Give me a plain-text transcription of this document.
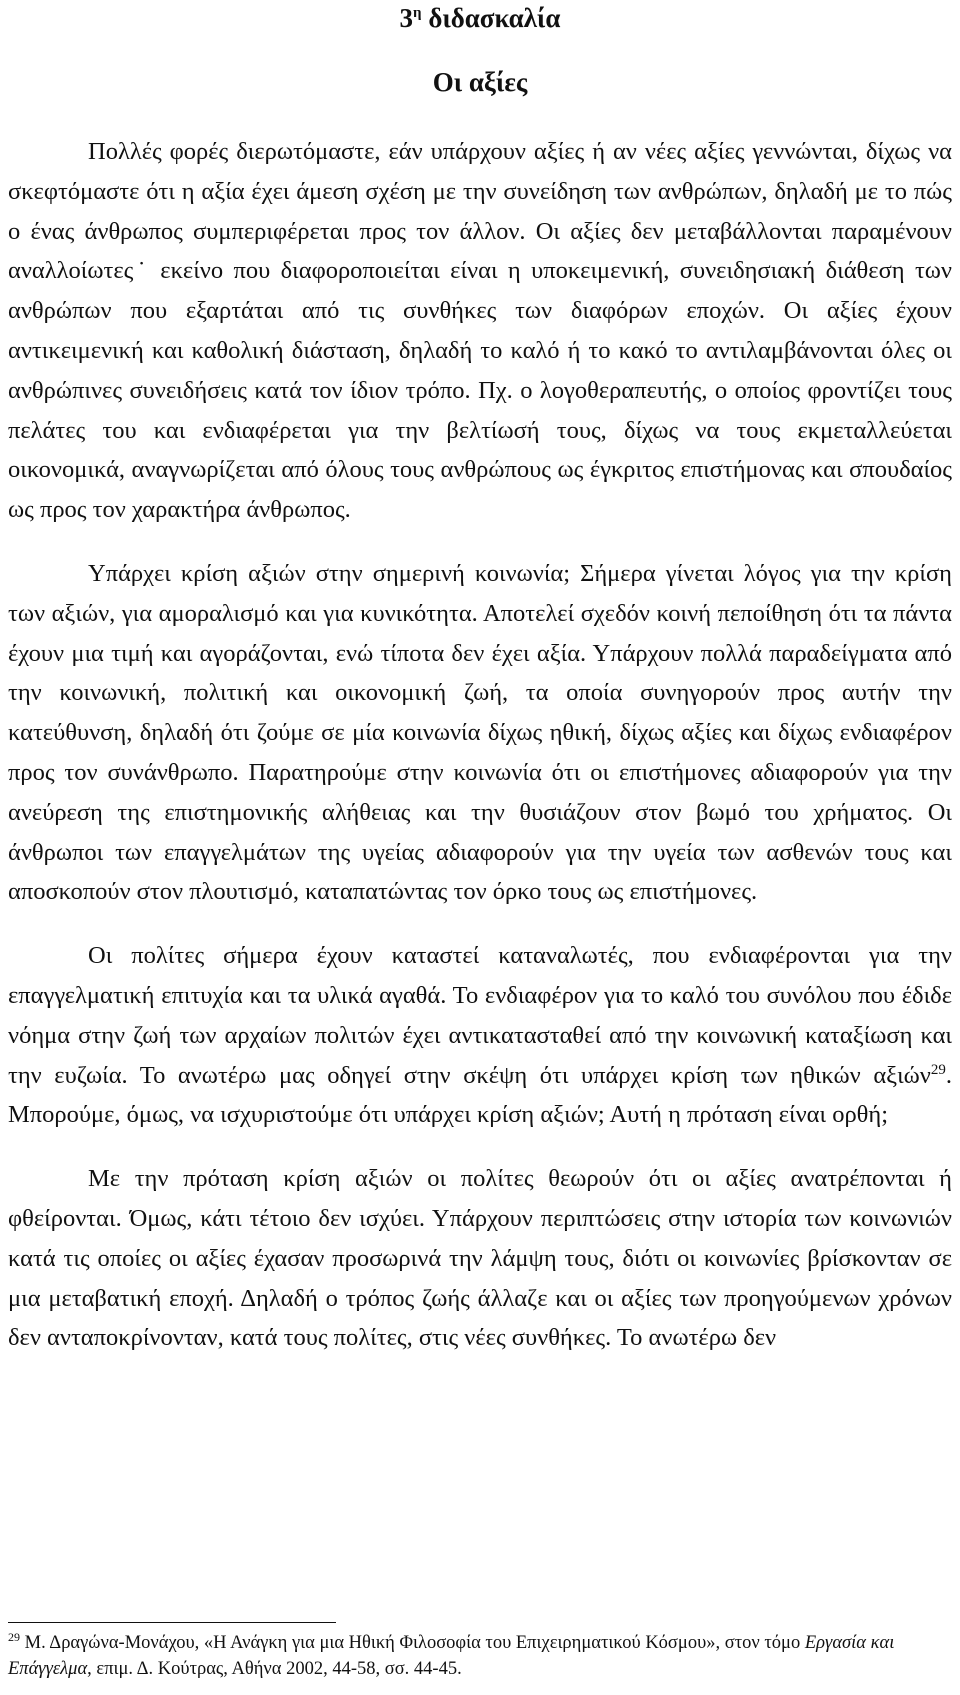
$3^\eta$ διδασκαλία
Οι αξίες

Πολλές φορές διερωτόμαστε, εάν υπάρχουν αξίες ή αν νέες αξίες γεννώνται, δίχως να σκεφτόμαστε ότι η αξία έχει άμεση σχέση με την συνείδηση των ανθρώπων, δηλαδή με το πώς ο ένας άνθρωπος συμπεριφέρεται προς τον άλλον. Οι αξίες δεν μεταβάλλονται παραμένουν αναλλοίωτες˙ εκείνο που διαφοροποιείται είναι η υποκειμενική, συνειδησιακή διάθεση των ανθρώπων που εξαρτάται από τις συνθήκες των διαφόρων εποχών. Οι αξίες έχουν αντικειμενική και καθολική διάσταση, δηλαδή το καλό ή το κακό το αντιλαμβάνονται όλες οι ανθρώπινες συνειδήσεις κατά τον ίδιον τρόπο. Πχ. ο λογοθεραπευτής, ο οποίος φροντίζει τους πελάτες του και ενδιαφέρεται για την βελτίωσή τους, δίχως να τους εκμεταλλεύεται οικονομικά, αναγνωρίζεται από όλους τους ανθρώπους ως έγκριτος επιστήμονας και σπουδαίος ως προς τον χαρακτήρα άνθρωπος.

Υπάρχει κρίση αξιών στην σημερινή κοινωνία; Σήμερα γίνεται λόγος για την κρίση των αξιών, για αμοραλισμό και για κυνικότητα. Αποτελεί σχεδόν κοινή πεποίθηση ότι τα πάντα έχουν μια τιμή και αγοράζονται, ενώ τίποτα δεν έχει αξία. Υπάρχουν πολλά παραδείγματα από την κοινωνική, πολιτική και οικονομική ζωή, τα οποία συνηγορούν προς αυτήν την κατεύθυνση, δηλαδή ότι ζούμε σε μία κοινωνία δίχως ηθική, δίχως αξίες και δίχως ενδιαφέρον προς τον συνάνθρωπο. Παρατηρούμε στην κοινωνία ότι οι επιστήμονες αδιαφορούν για την ανεύρεση της επιστημονικής αλήθειας και την θυσιάζουν στον βωμό του χρήματος. Οι άνθρωποι των επαγγελμάτων της υγείας αδιαφορούν για την υγεία των ασθενών τους και αποσκοπούν στον πλουτισμό, καταπατώντας τον όρκο τους ως επιστήμονες.

Οι πολίτες σήμερα έχουν καταστεί καταναλωτές, που ενδιαφέρονται για την επαγγελματική επιτυχία και τα υλικά αγαθά. Το ενδιαφέρον για το καλό του συνόλου που έδιδε νόημα στην ζωή των αρχαίων πολιτών έχει αντικατασταθεί από την κοινωνική καταξίωση και την ευζωία. Το ανωτέρω μας οδηγεί στην σκέψη ότι υπάρχει κρίση των ηθικών αξιών$^{29}$. Μπορούμε, όμως, να ισχυριστούμε ότι υπάρχει κρίση αξιών; Αυτή η πρόταση είναι ορθή;

Με την πρόταση κρίση αξιών οι πολίτες θεωρούν ότι οι αξίες ανατρέπονται ή φθείρονται. Όμως, κάτι τέτοιο δεν ισχύει. Υπάρχουν περιπτώσεις στην ιστορία των κοινωνιών κατά τις οποίες οι αξίες έχασαν προσωρινά την λάμψη τους, διότι οι κοινωνίες βρίσκονταν σε μια μεταβατική εποχή. Δηλαδή ο τρόπος ζωής άλλαζε και οι αξίες των προηγούμενων χρόνων δεν ανταποκρίνονταν, κατά τους πολίτες, στις νέες συνθήκες. Το ανωτέρω δεν

$^{29}$ Μ. Δραγώνα-Μονάχου, «Η Ανάγκη για μια Ηθική Φιλοσοφία του Επιχειρηματικού Κόσμου», στον τόμο Εργασία και Επάγγελμα, επιμ. Δ. Κούτρας, Αθήνα 2002, 44-58, σσ. 44-45.
